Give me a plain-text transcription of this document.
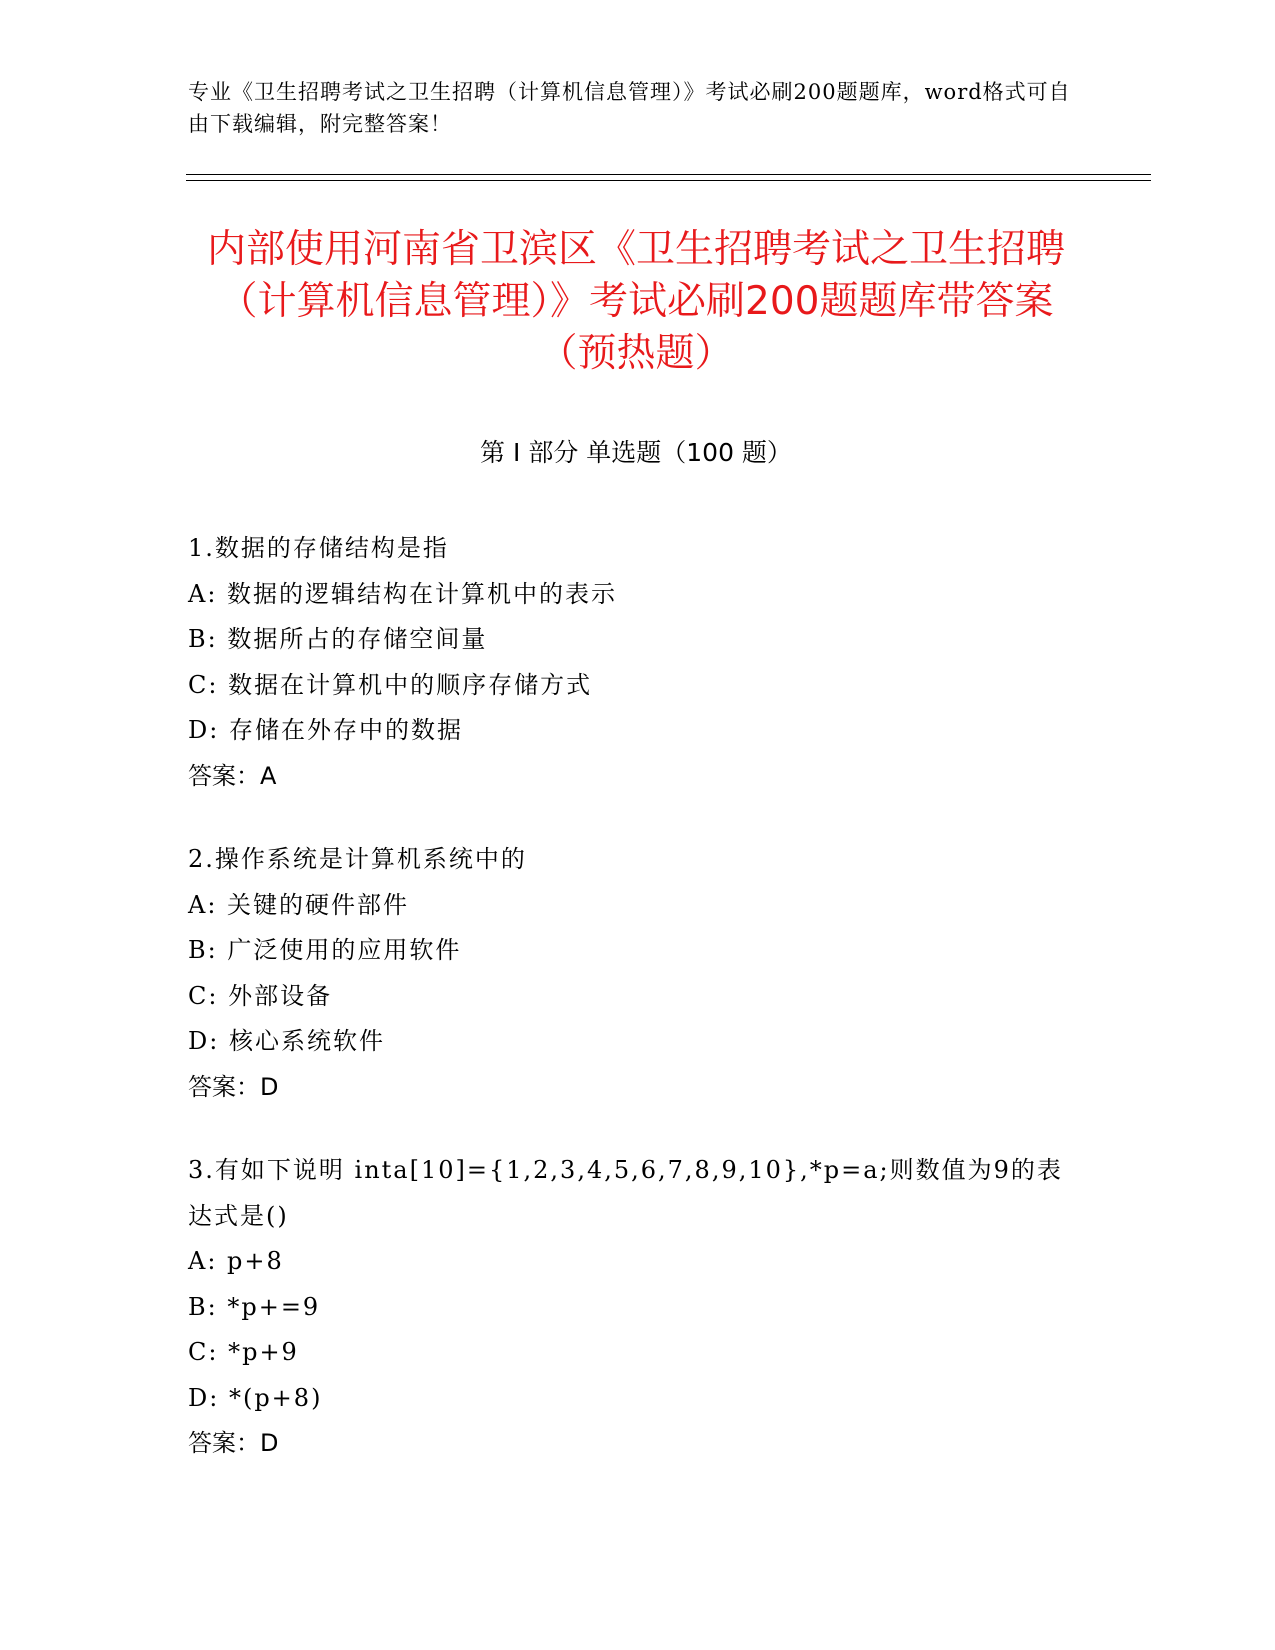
专业《卫生招聘考试之卫生招聘（计算机信息管理）》考试必刷200题题库，word格式可自由下载编辑，附完整答案！
内部使用河南省卫滨区《卫生招聘考试之卫生招聘（计算机信息管理）》考试必刷200题题库带答案（预热题）
第 I 部分 单选题（100 题）
1.数据的存储结构是指
A: 数据的逻辑结构在计算机中的表示
B: 数据所占的存储空间量
C: 数据在计算机中的顺序存储方式
D: 存储在外存中的数据
答案：A
2.操作系统是计算机系统中的
A: 关键的硬件部件
B: 广泛使用的应用软件
C: 外部设备
D: 核心系统软件
答案：D
3.有如下说明 inta[10]={1,2,3,4,5,6,7,8,9,10},*p=a;则数值为9的表达式是()
A: p+8
B: *p+=9
C: *p+9
D: *(p+8)
答案：D
